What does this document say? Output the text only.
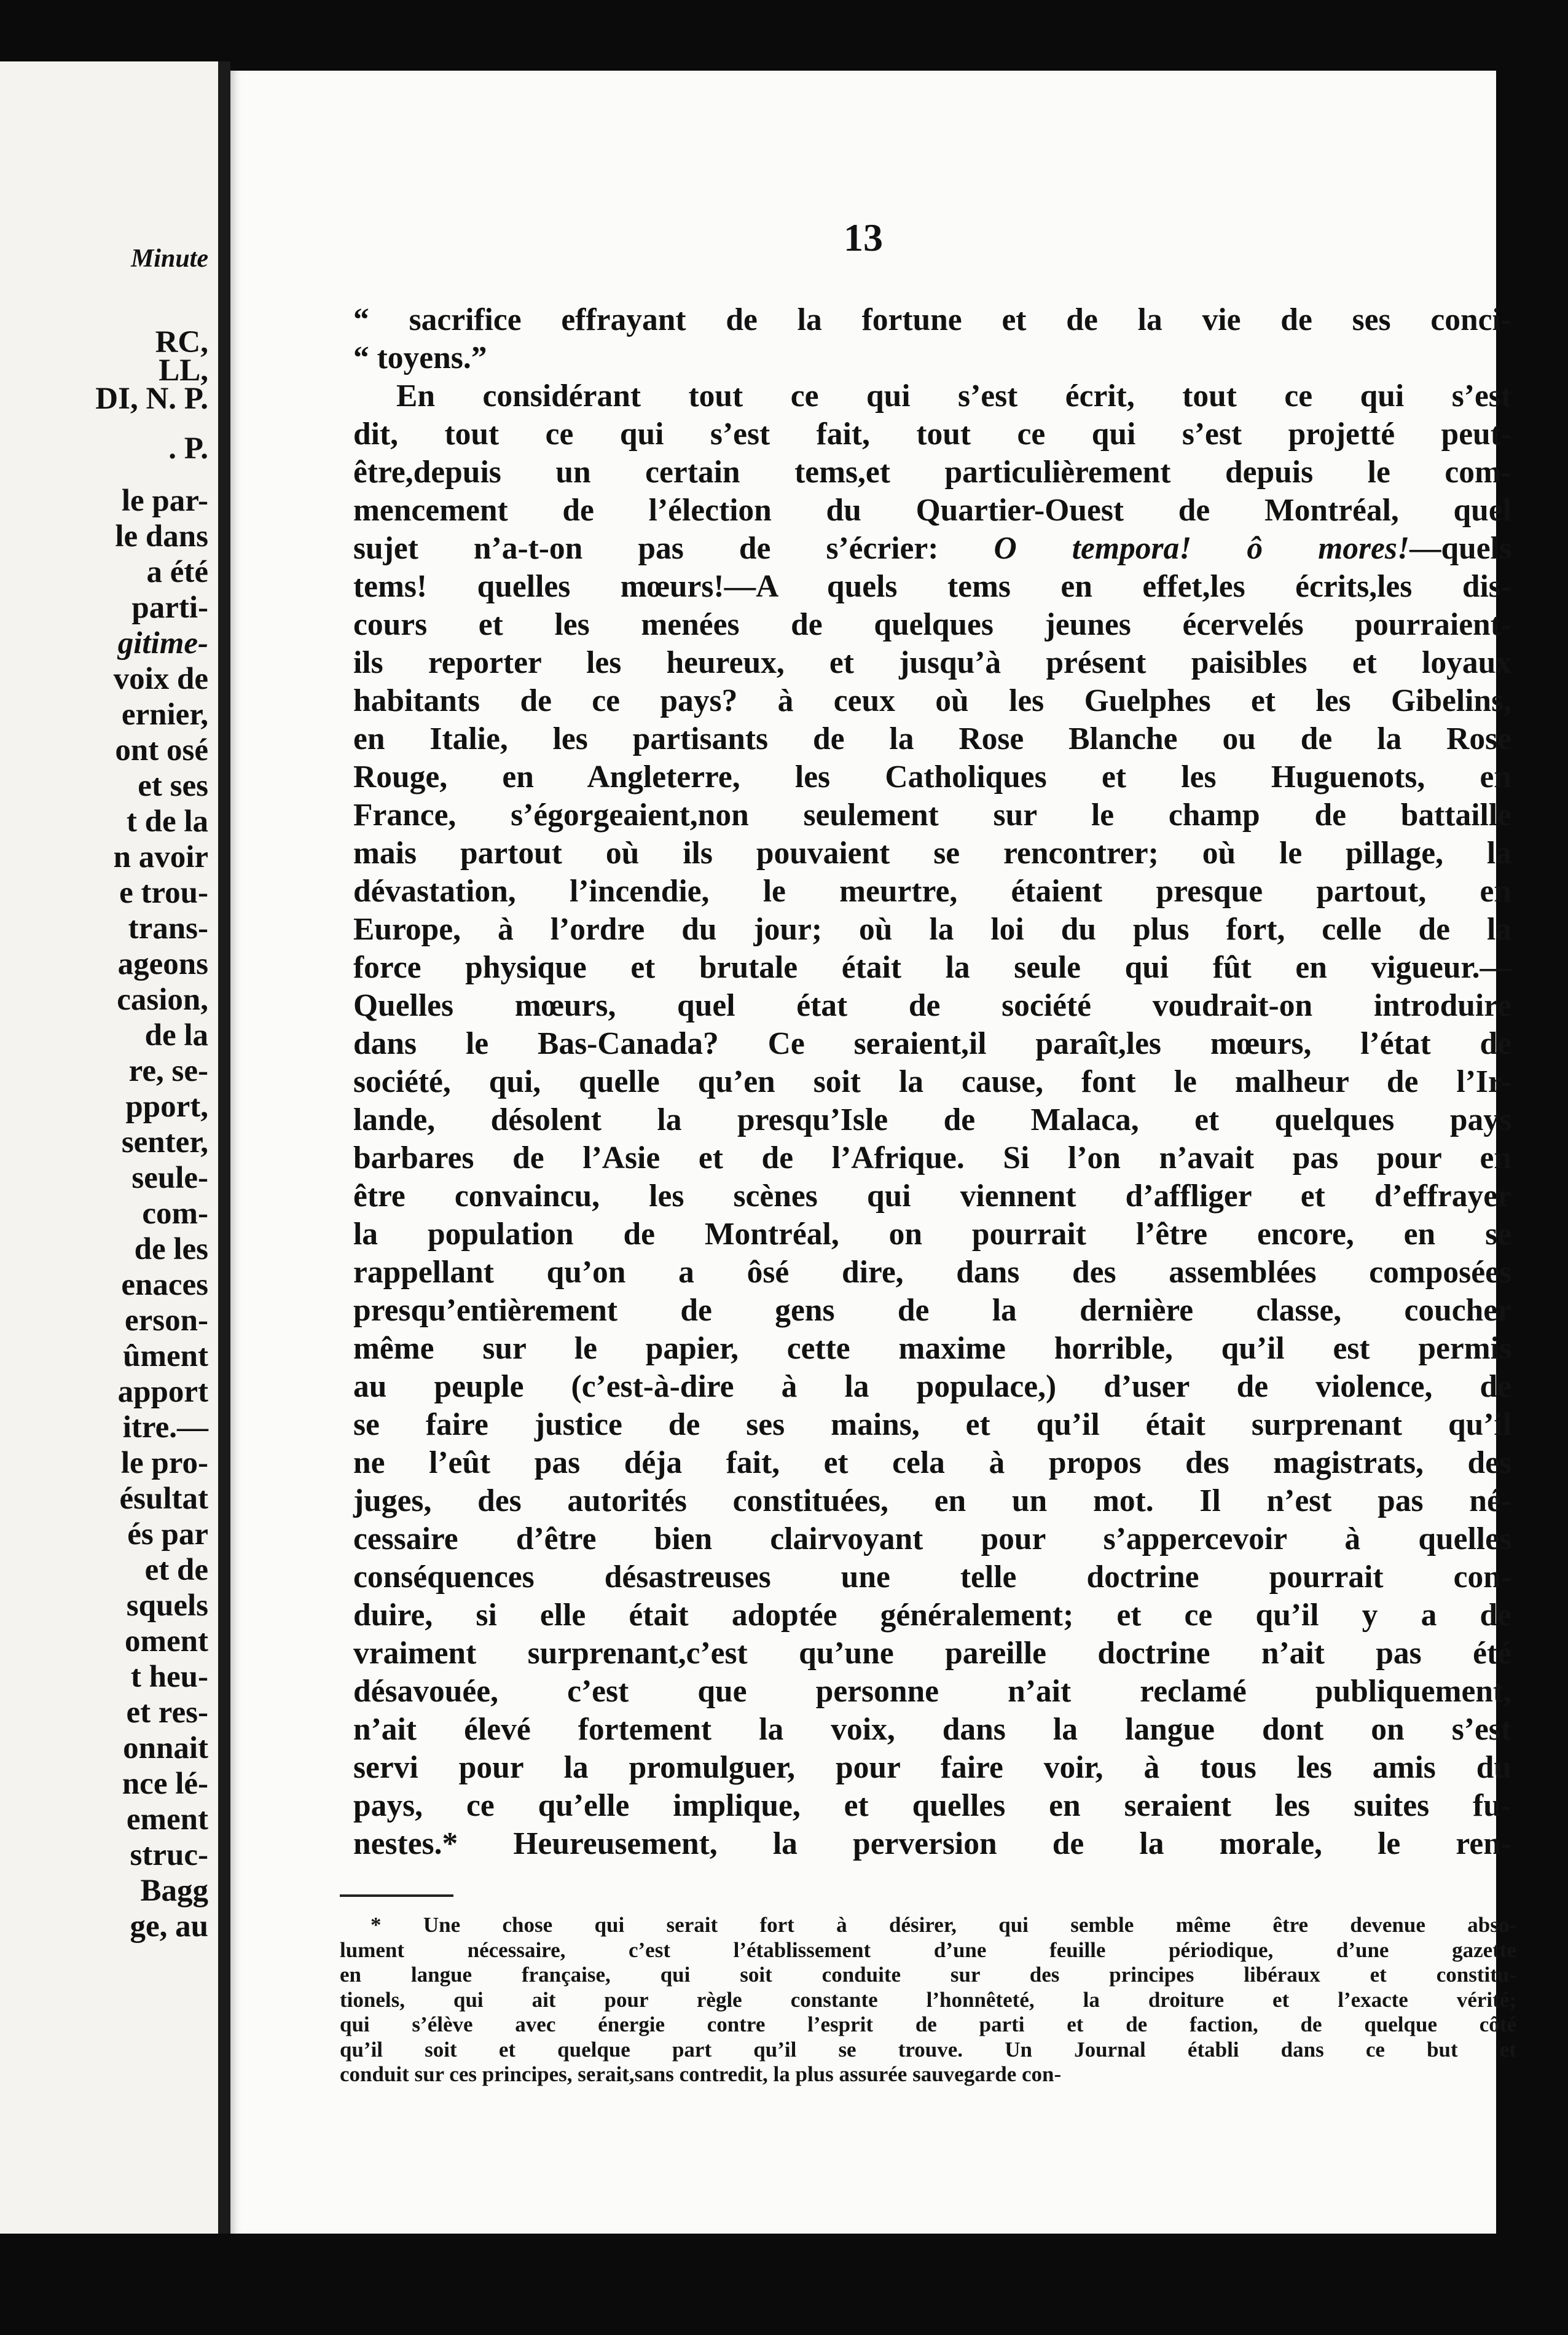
Minute
RC,
LL,
DI, N. P.
. P.
le par-
le dans
a été
parti-
gitime-
voix de
ernier,
ont osé
et ses
t de la
n avoir
e trou-
trans-
ageons
casion,
de la
re, se-
pport,
senter,
seule-
com-
de les
enaces
erson-
ûment
apport
itre.—
le pro-
ésultat
és par
et de
squels
oment
t heu-
et res-
onnait
nce lé-
ement
struc-
Bagg
ge, au
13
“ sacrifice effrayant de la fortune et de la vie de ses conci-
“ toyens.”
En considérant tout ce qui s’est écrit, tout ce qui s’est
dit, tout ce qui s’est fait, tout ce qui s’est projetté peut-
être,depuis un certain tems,et particulièrement depuis le com-
mencement de l’élection du Quartier-Ouest de Montréal, quel
sujet n’a-t-on pas de s’écrier: O tempora! ô mores!—quels
tems! quelles mœurs!—A quels tems en effet,les écrits,les dis-
cours et les menées de quelques jeunes écervelés pourraient-
ils reporter les heureux, et jusqu’à présent paisibles et loyaux
habitants de ce pays? à ceux où les Guelphes et les Gibelins,
en Italie, les partisants de la Rose Blanche ou de la Rose
Rouge, en Angleterre, les Catholiques et les Huguenots, en
France, s’égorgeaient,non seulement sur le champ de battaille
mais partout où ils pouvaient se rencontrer; où le pillage, la
dévastation, l’incendie, le meurtre, étaient presque partout, en
Europe, à l’ordre du jour; où la loi du plus fort, celle de la
force physique et brutale était la seule qui fût en vigueur.—
Quelles mœurs, quel état de société voudrait-on introduire
dans le Bas-Canada? Ce seraient,il paraît,les mœurs, l’état de
société, qui, quelle qu’en soit la cause, font le malheur de l’Ir-
lande, désolent la presqu’Isle de Malaca, et quelques pays
barbares de l’Asie et de l’Afrique. Si l’on n’avait pas pour en
être convaincu, les scènes qui viennent d’affliger et d’effrayer
la population de Montréal, on pourrait l’être encore, en se
rappellant qu’on a ôsé dire, dans des assemblées composées
presqu’entièrement de gens de la dernière classe, coucher
même sur le papier, cette maxime horrible, qu’il est permis
au peuple (c’est-à-dire à la populace,) d’user de violence, de
se faire justice de ses mains, et qu’il était surprenant qu’il
ne l’eût pas déja fait, et cela à propos des magistrats, des
juges, des autorités constituées, en un mot. Il n’est pas né-
cessaire d’être bien clairvoyant pour s’appercevoir à quelles
conséquences désastreuses une telle doctrine pourrait con-
duire, si elle était adoptée généralement; et ce qu’il y a de
vraiment surprenant,c’est qu’une pareille doctrine n’ait pas été
désavouée, c’est que personne n’ait reclamé publiquement,
n’ait élevé fortement la voix, dans la langue dont on s’est
servi pour la promulguer, pour faire voir, à tous les amis du
pays, ce qu’elle implique, et quelles en seraient les suites fu-
nestes.* Heureusement, la perversion de la morale, le ren-
* Une chose qui serait fort à désirer, qui semble même être devenue abso-
lument nécessaire, c’est l’établissement d’une feuille périodique, d’une gazette
en langue française, qui soit conduite sur des principes libéraux et constitu-
tionels, qui ait pour règle constante l’honnêteté, la droiture et l’exacte vérité;
qui s’élève avec énergie contre l’esprit de parti et de faction, de quelque côté
qu’il soit et quelque part qu’il se trouve. Un Journal établi dans ce but et
conduit sur ces principes, serait,sans contredit, la plus assurée sauvegarde con-
